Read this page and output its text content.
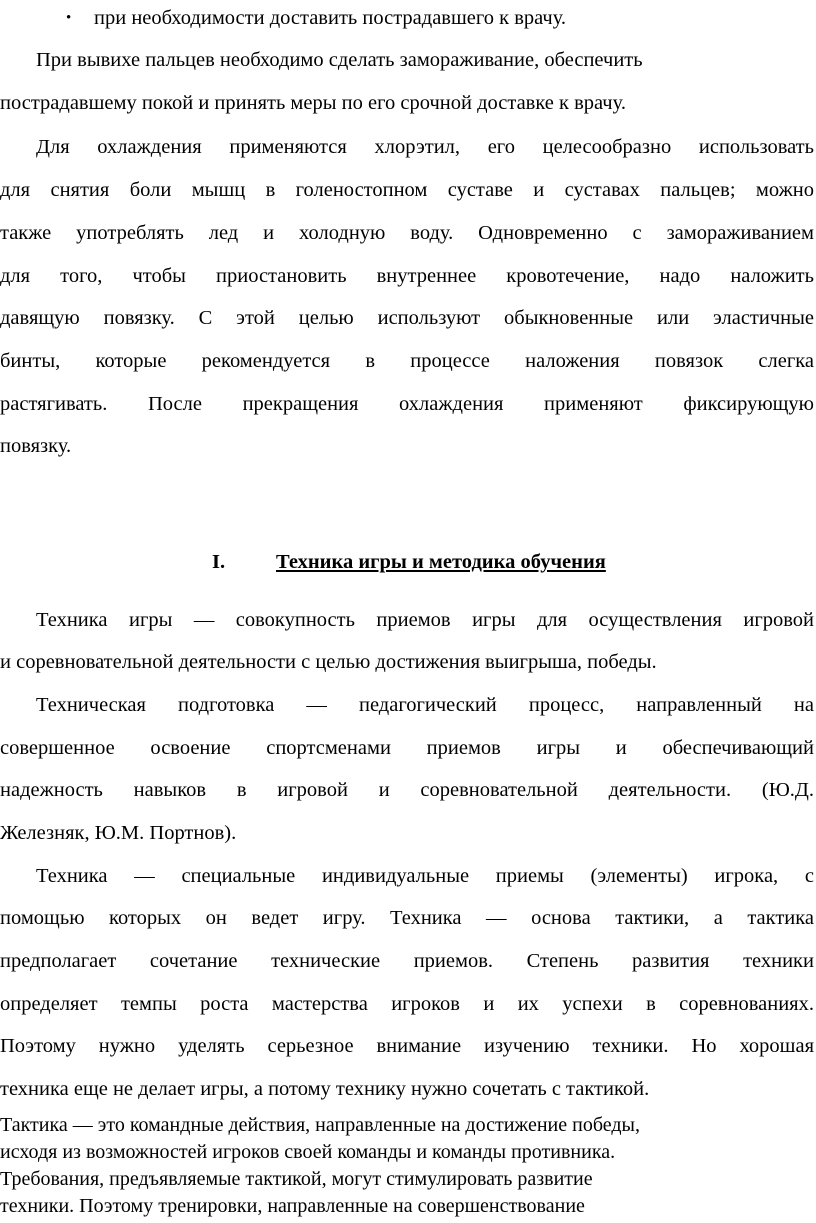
• при необходимости доставить пострадавшего к врачу.
При вывихе пальцев необходимо сделать замораживание, обеспечить
пострадавшему покой и принять меры по его срочной доставке к врачу.
Для охлаждения применяются хлорэтил, его целесообразно использовать
для снятия боли мышц в голеностопном суставе и суставах пальцев; можно
также употреблять лед и холодную воду. Одновременно с замораживанием
для того, чтобы приостановить внутреннее кровотечение, надо наложить
давящую повязку. С этой целью используют обыкновенные или эластичные
бинты, которые рекомендуется в процессе наложения повязок слегка
растягивать. После прекращения охлаждения применяют фиксирующую
повязку.
I. Техника игры и методика обучения
Техника игры — совокупность приемов игры для осуществления игровой
и соревновательной деятельности с целью достижения выигрыша, победы.
Техническая подготовка — педагогический процесс, направленный на
совершенное освоение спортсменами приемов игры и обеспечивающий
надежность навыков в игровой и соревновательной деятельности. (Ю.Д.
Железняк, Ю.М. Портнов).
Техника — специальные индивидуальные приемы (элементы) игрока, с
помощью которых он ведет игру. Техника — основа тактики, а тактика
предполагает сочетание технические приемов. Степень развития техники
определяет темпы роста мастерства игроков и их успехи в соревнованиях.
Поэтому нужно уделять серьезное внимание изучению техники. Но хорошая
техника еще не делает игры, а потому технику нужно сочетать с тактикой.
Тактика — это командные действия, направленные на достижение победы,
исходя из возможностей игроков своей команды и команды противника.
Требования, предъявляемые тактикой, могут стимулировать развитие
техники. Поэтому тренировки, направленные на совершенствование
